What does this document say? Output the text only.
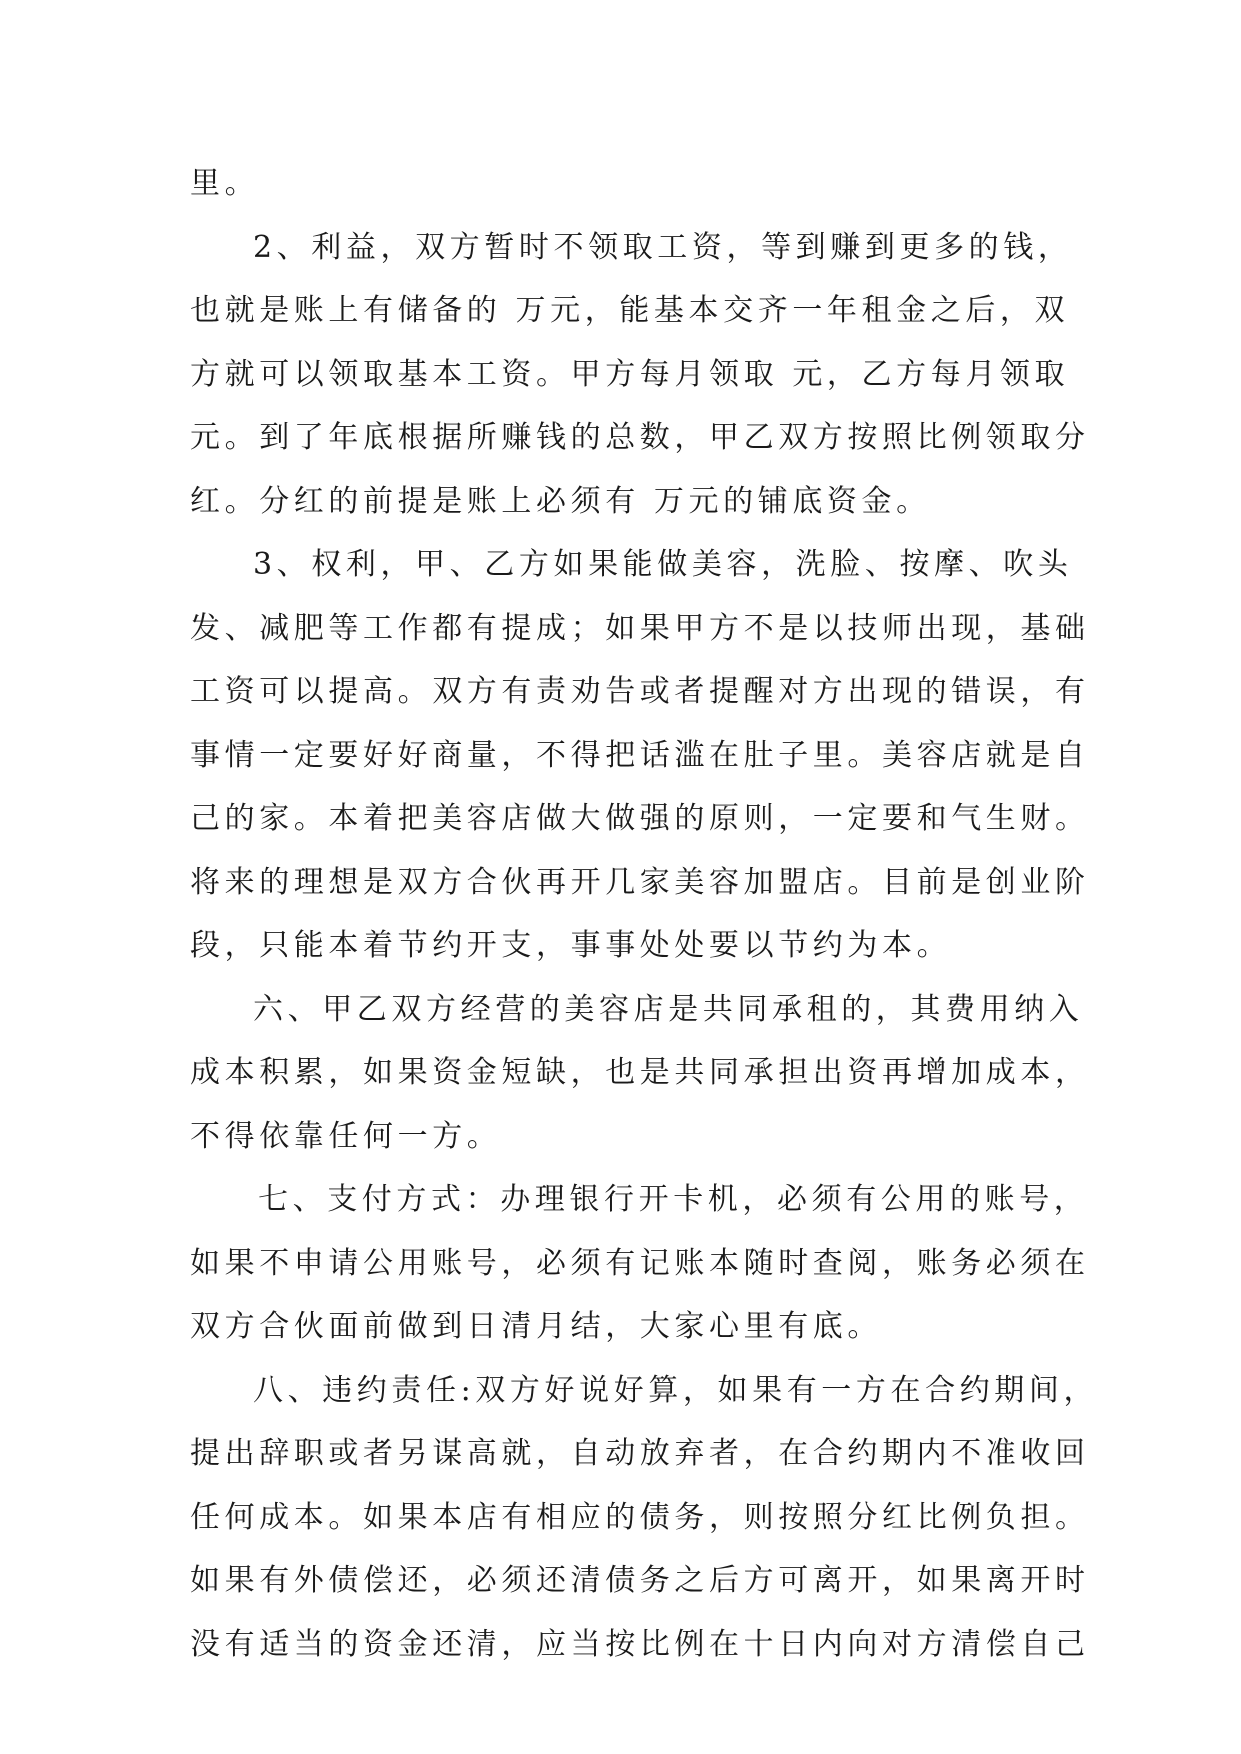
里。
2、利益，双方暂时不领取工资，等到赚到更多的钱，
也就是账上有储备的 万元，能基本交齐一年租金之后，双
方就可以领取基本工资。甲方每月领取 元，乙方每月领取
元。到了年底根据所赚钱的总数，甲乙双方按照比例领取分
红。分红的前提是账上必须有 万元的铺底资金。
3、权利，甲、乙方如果能做美容，洗脸、按摩、吹头
发、减肥等工作都有提成；如果甲方不是以技师出现，基础
工资可以提高。双方有责劝告或者提醒对方出现的错误，有
事情一定要好好商量，不得把话滥在肚子里。美容店就是自
己的家。本着把美容店做大做强的原则，一定要和气生财。
将来的理想是双方合伙再开几家美容加盟店。目前是创业阶
段，只能本着节约开支，事事处处要以节约为本。
六、甲乙双方经营的美容店是共同承租的，其费用纳入
成本积累，如果资金短缺，也是共同承担出资再增加成本，
不得依靠任何一方。
七、支付方式：办理银行开卡机，必须有公用的账号，
如果不申请公用账号，必须有记账本随时查阅，账务必须在
双方合伙面前做到日清月结，大家心里有底。
八、违约责任:双方好说好算，如果有一方在合约期间，
提出辞职或者另谋高就，自动放弃者，在合约期内不准收回
任何成本。如果本店有相应的债务，则按照分红比例负担。
如果有外债偿还，必须还清债务之后方可离开，如果离开时
没有适当的资金还清，应当按比例在十日内向对方清偿自己
